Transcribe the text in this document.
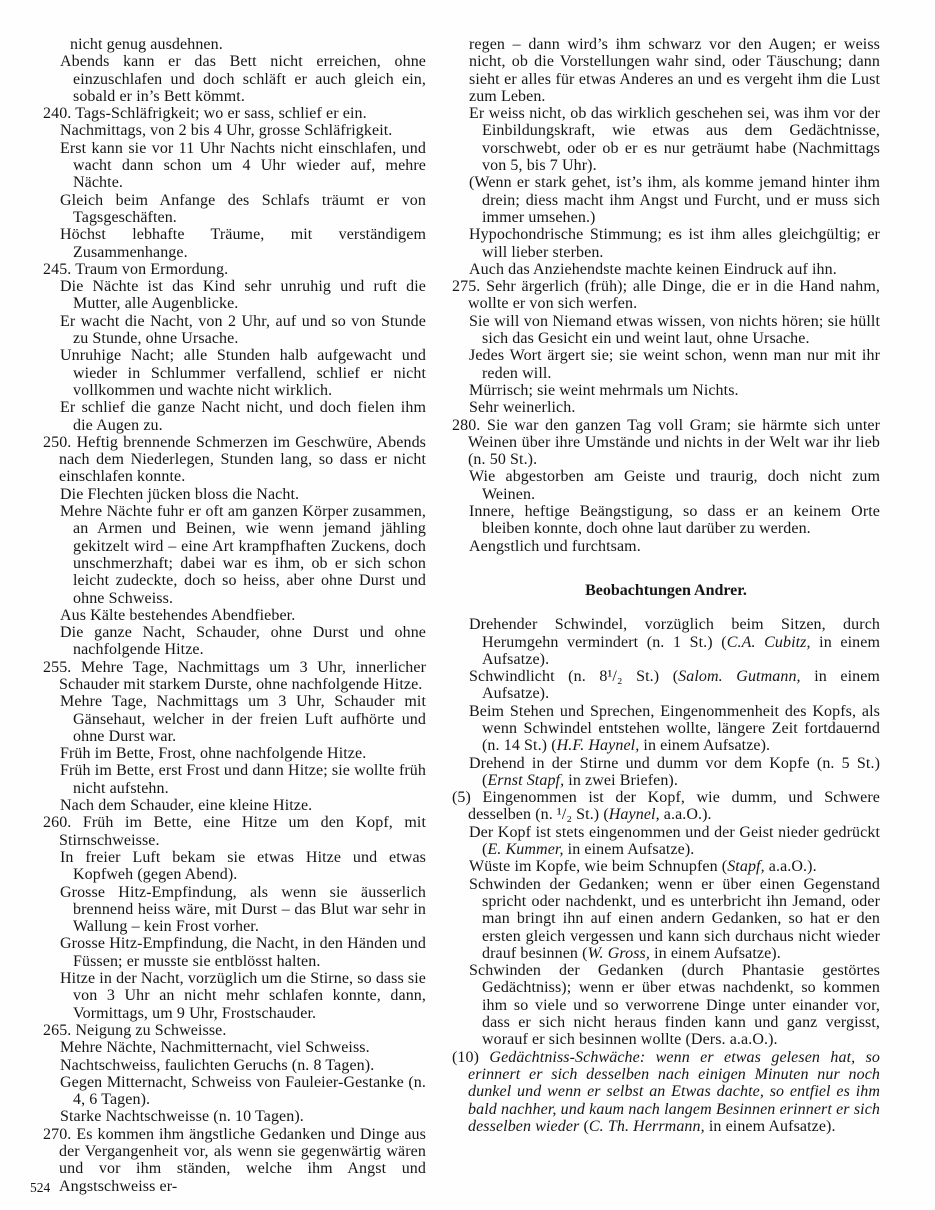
nicht genug ausdehnen.

Abends kann er das Bett nicht erreichen, ohne einzuschlafen und doch schläft er auch gleich ein, sobald er in’s Bett kömmt.

240. Tags-Schläfrigkeit; wo er sass, schlief er ein.

Nachmittags, von 2 bis 4 Uhr, grosse Schläfrigkeit.

Erst kann sie vor 11 Uhr Nachts nicht einschlafen, und wacht dann schon um 4 Uhr wieder auf, mehre Nächte.

Gleich beim Anfange des Schlafs träumt er von Tagsgeschäften.

Höchst lebhafte Träume, mit verständigem Zusammenhange.

245. Traum von Ermordung.

Die Nächte ist das Kind sehr unruhig und ruft die Mutter, alle Augenblicke.

Er wacht die Nacht, von 2 Uhr, auf und so von Stunde zu Stunde, ohne Ursache.

Unruhige Nacht; alle Stunden halb aufgewacht und wieder in Schlummer verfallend, schlief er nicht vollkommen und wachte nicht wirklich.

Er schlief die ganze Nacht nicht, und doch fielen ihm die Augen zu.

250. Heftig brennende Schmerzen im Geschwüre, Abends nach dem Niederlegen, Stunden lang, so dass er nicht einschlafen konnte.

Die Flechten jücken bloss die Nacht.

Mehre Nächte fuhr er oft am ganzen Körper zusammen, an Armen und Beinen, wie wenn jemand jähling gekitzelt wird – eine Art krampfhaften Zuckens, doch unschmerzhaft; dabei war es ihm, ob er sich schon leicht zudeckte, doch so heiss, aber ohne Durst und ohne Schweiss.

Aus Kälte bestehendes Abendfieber.

Die ganze Nacht, Schauder, ohne Durst und ohne nachfolgende Hitze.

255. Mehre Tage, Nachmittags um 3 Uhr, innerlicher Schauder mit starkem Durste, ohne nachfolgende Hitze.

Mehre Tage, Nachmittags um 3 Uhr, Schauder mit Gänsehaut, welcher in der freien Luft aufhörte und ohne Durst war.

Früh im Bette, Frost, ohne nachfolgende Hitze.

Früh im Bette, erst Frost und dann Hitze; sie wollte früh nicht aufstehn.

Nach dem Schauder, eine kleine Hitze.

260. Früh im Bette, eine Hitze um den Kopf, mit Stirnschweisse.

In freier Luft bekam sie etwas Hitze und etwas Kopfweh (gegen Abend).

Grosse Hitz-Empfindung, als wenn sie äusserlich brennend heiss wäre, mit Durst – das Blut war sehr in Wallung – kein Frost vorher.

Grosse Hitz-Empfindung, die Nacht, in den Händen und Füssen; er musste sie entblösst halten.

Hitze in der Nacht, vorzüglich um die Stirne, so dass sie von 3 Uhr an nicht mehr schlafen konnte, dann, Vormittags, um 9 Uhr, Frostschauder.

265. Neigung zu Schweisse.

Mehre Nächte, Nachmitternacht, viel Schweiss.

Nachtschweiss, faulichten Geruchs (n. 8 Tagen).

Gegen Mitternacht, Schweiss von Fauleier-Gestanke (n. 4, 6 Tagen).

Starke Nachtschweisse (n. 10 Tagen).

270. Es kommen ihm ängstliche Gedanken und Dinge aus der Vergangenheit vor, als wenn sie gegenwärtig wären und vor ihm ständen, welche ihm Angst und Angstschweiss er-

regen – dann wird’s ihm schwarz vor den Augen; er weiss nicht, ob die Vorstellungen wahr sind, oder Täuschung; dann sieht er alles für etwas Anderes an und es vergeht ihm die Lust zum Leben.

Er weiss nicht, ob das wirklich geschehen sei, was ihm vor der Einbildungskraft, wie etwas aus dem Gedächtnisse, vorschwebt, oder ob er es nur geträumt habe (Nachmittags von 5, bis 7 Uhr).

(Wenn er stark gehet, ist’s ihm, als komme jemand hinter ihm drein; diess macht ihm Angst und Furcht, und er muss sich immer umsehen.)

Hypochondrische Stimmung; es ist ihm alles gleichgültig; er will lieber sterben.

Auch das Anziehendste machte keinen Eindruck auf ihn.

275. Sehr ärgerlich (früh); alle Dinge, die er in die Hand nahm, wollte er von sich werfen.

Sie will von Niemand etwas wissen, von nichts hören; sie hüllt sich das Gesicht ein und weint laut, ohne Ursache.

Jedes Wort ärgert sie; sie weint schon, wenn man nur mit ihr reden will.

Mürrisch; sie weint mehrmals um Nichts.

Sehr weinerlich.

280. Sie war den ganzen Tag voll Gram; sie härmte sich unter Weinen über ihre Umstände und nichts in der Welt war ihr lieb (n. 50 St.).

Wie abgestorben am Geiste und traurig, doch nicht zum Weinen.

Innere, heftige Beängstigung, so dass er an keinem Orte bleiben konnte, doch ohne laut darüber zu werden.

Aengstlich und furchtsam.

Beobachtungen Andrer.

Drehender Schwindel, vorzüglich beim Sitzen, durch Herumgehn vermindert (n. 1 St.) (C.A. Cubitz, in einem Aufsatze).

Schwindlicht (n. 8¹/₂ St.) (Salom. Gutmann, in einem Aufsatze).

Beim Stehen und Sprechen, Eingenommenheit des Kopfs, als wenn Schwindel entstehen wollte, längere Zeit fortdauernd (n. 14 St.) (H.F. Haynel, in einem Aufsatze).

Drehend in der Stirne und dumm vor dem Kopfe (n. 5 St.) (Ernst Stapf, in zwei Briefen).

(5) Eingenommen ist der Kopf, wie dumm, und Schwere desselben (n. ¹/₂ St.) (Haynel, a.a.O.).

Der Kopf ist stets eingenommen und der Geist nieder gedrückt (E. Kummer, in einem Aufsatze).

Wüste im Kopfe, wie beim Schnupfen (Stapf, a.a.O.).

Schwinden der Gedanken; wenn er über einen Gegenstand spricht oder nachdenkt, und es unterbricht ihn Jemand, oder man bringt ihn auf einen andern Gedanken, so hat er den ersten gleich vergessen und kann sich durchaus nicht wieder drauf besinnen (W. Gross, in einem Aufsatze).

Schwinden der Gedanken (durch Phantasie gestörtes Gedächtniss); wenn er über etwas nachdenkt, so kommen ihm so viele und so verworrene Dinge unter einander vor, dass er sich nicht heraus finden kann und ganz vergisst, worauf er sich besinnen wollte (Ders. a.a.O.).

(10) Gedächtniss-Schwäche: wenn er etwas gelesen hat, so erinnert er sich desselben nach einigen Minuten nur noch dunkel und wenn er selbst an Etwas dachte, so entfiel es ihm bald nachher, und kaum nach langem Besinnen erinnert er sich desselben wieder (C. Th. Herrmann, in einem Aufsatze).

524
